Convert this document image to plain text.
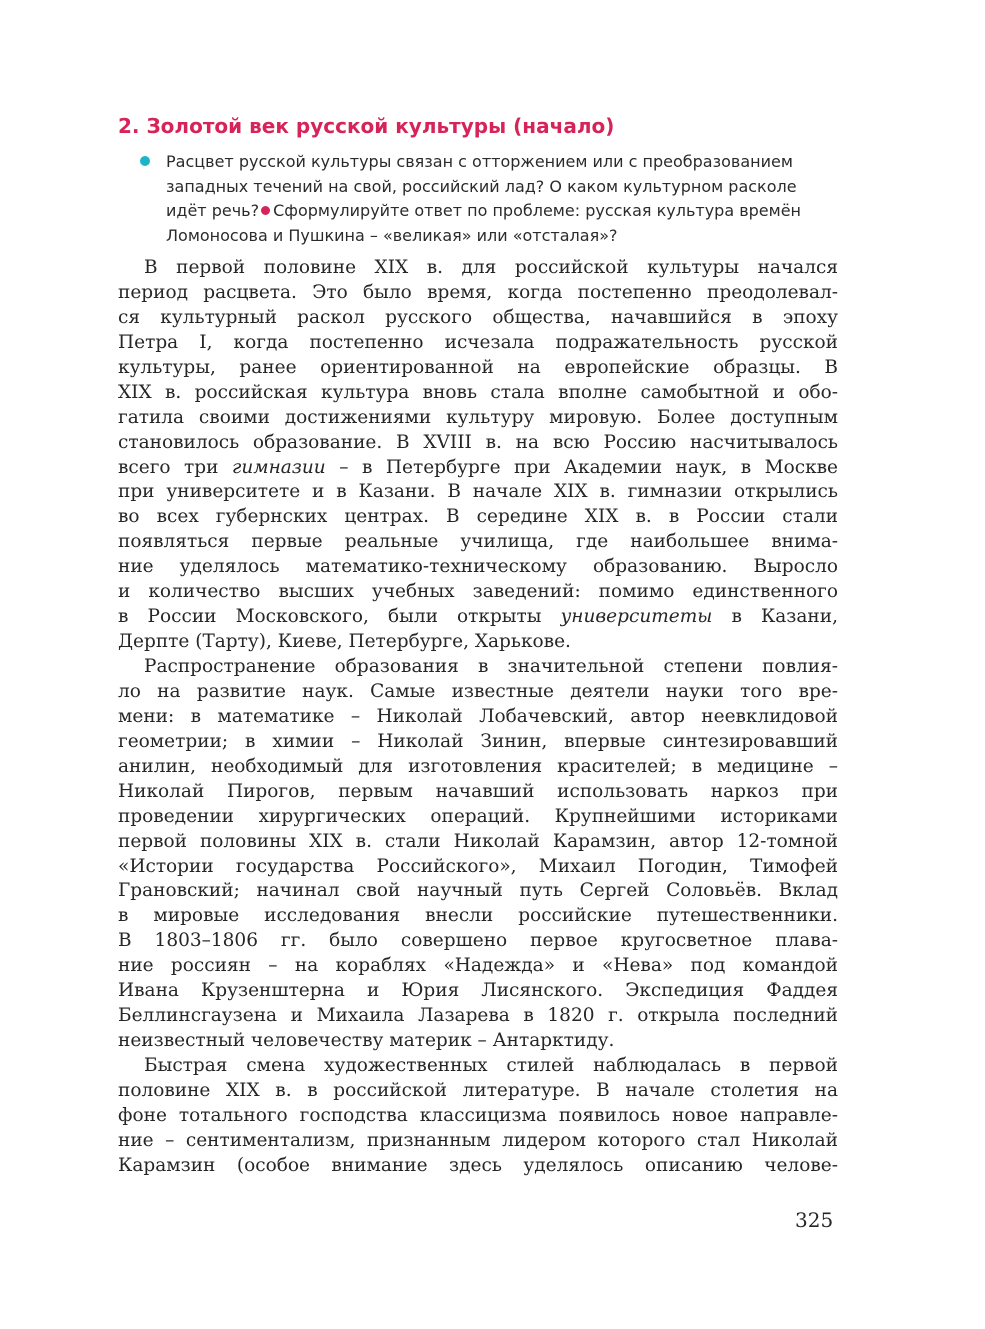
2. Золотой век русской культуры (начало)
Расцвет русской культуры связан с отторжением или с преобразованием
западных течений на свой, российский лад? О каком культурном расколе
идёт речь? Сформулируйте ответ по проблеме: русская культура времён
Ломоносова и Пушкина – «великая» или «отсталая»?
В первой половине XIX в. для российской культуры начался
период расцвета. Это было время, когда постепенно преодолевал-
ся культурный раскол русского общества, начавшийся в эпоху
Петра I, когда постепенно исчезала подражательность русской
культуры, ранее ориентированной на европейские образцы. В
XIX в. российская культура вновь стала вполне самобытной и обо-
гатила своими достижениями культуру мировую. Более доступным
становилось образование. В XVIII в. на всю Россию насчитывалось
всего три гимназии – в Петербурге при Академии наук, в Москве
при университете и в Казани. В начале XIX в. гимназии открылись
во всех губернских центрах. В середине XIX в. в России стали
появляться первые реальные училища, где наибольшее внима-
ние уделялось математико-техническому образованию. Выросло
и количество высших учебных заведений: помимо единственного
в России Московского, были открыты университеты в Казани,
Дерпте (Тарту), Киеве, Петербурге, Харькове.
Распространение образования в значительной степени повлия-
ло на развитие наук. Самые известные деятели науки того вре-
мени: в математике – Николай Лобачевский, автор неевклидовой
геометрии; в химии – Николай Зинин, впервые синтезировавший
анилин, необходимый для изготовления красителей; в медицине –
Николай Пирогов, первым начавший использовать наркоз при
проведении хирургических операций. Крупнейшими историками
первой половины XIX в. стали Николай Карамзин, автор 12-томной
«Истории государства Российского», Михаил Погодин, Тимофей
Грановский; начинал свой научный путь Сергей Соловьёв. Вклад
в мировые исследования внесли российские путешественники.
В 1803–1806 гг. было совершено первое кругосветное плава-
ние россиян – на кораблях «Надежда» и «Нева» под командой
Ивана Крузенштерна и Юрия Лисянского. Экспедиция Фаддея
Беллинсгаузена и Михаила Лазарева в 1820 г. открыла последний
неизвестный человечеству материк – Антарктиду.
Быстрая смена художественных стилей наблюдалась в первой
половине XIX в. в российской литературе. В начале столетия на
фоне тотального господства классицизма появилось новое направле-
ние – сентиментализм, признанным лидером которого стал Николай
Карамзин (особое внимание здесь уделялось описанию челове-
325
